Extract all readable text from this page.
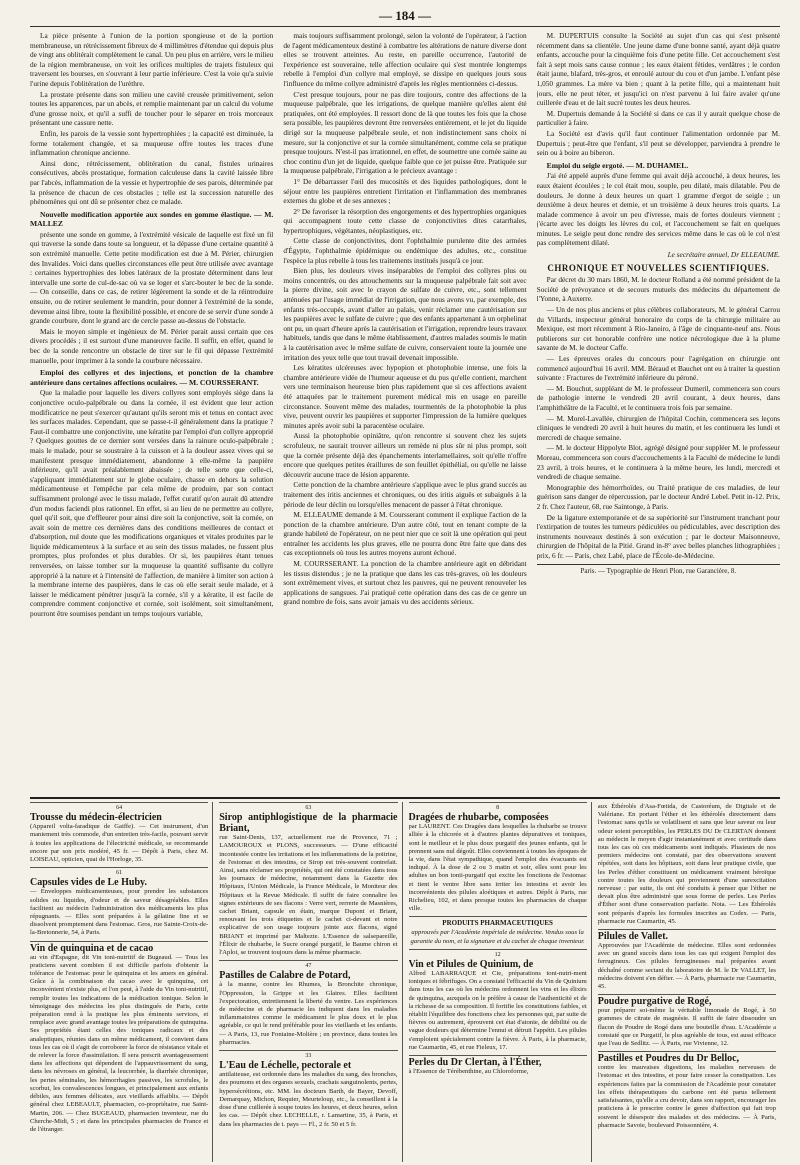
— 184 —

La pièce présente à l'union de la portion spongieuse et de la portion membraneuse, un rétrécissement fibreux de 4 millimètres d'étendue qui depuis plus de vingt ans oblitérait complètement le canal. Un peu plus en arrière, vers le milieu de la région membraneuse, on voit les orifices multiples de trajets fistuleux qui traversent les bourses, en s'ouvrant à leur partie inférieure. C'est la voie qu'a suivie l'urine depuis l'oblitération de l'urèthre.

La prostate présente dans son milieu une cavité creusée primitivement, selon toutes les apparences, par un abcès, et remplie maintenant par un calcul du volume d'une grosse noix, et qu'il a suffi de toucher pour le séparer en trois morceaux présentant une cassure nette.

Enfin, les parois de la vessie sont hypertrophiées ; la capacité est diminuée, la forme totalement changée, et sa muqueuse offre toutes les traces d'une inflammation chronique ancienne.

Ainsi donc, rétrécissement, oblitération du canal, fistules urinaires consécutives, abcès prostatique, formation calculeuse dans la cavité laissée libre par l'abcès, inflammation de la vessie et hypertrophie de ses parois, déterminée par la présence de chacun de ces obstacles ; telle est la succession naturelle des phénomènes qui ont dû se présenter chez ce malade.

Nouvelle modification apportée aux sondes en gomme élastique. — M. MALLEZ

présente une sonde en gomme, à l'extrémité vésicale de laquelle est fixé un fil qui traverse la sonde dans toute sa longueur, et la dépasse d'une certaine quantité à son extrémité manuelle. Cette petite modification est due à M. Périer, chirurgien des Invalides. Voici dans quelles circonstances elle peut être utilisée avec avantage : certaines hypertrophies des lobes latéraux de la prostate déterminent dans leur intervalle une sorte de cul-de-sac où va se loger et s'arc-bouter le bec de la sonde. — On conseille, dans ce cas, de retirer légèrement la sonde et de la réintroduire ensuite, ou de retirer seulement le mandrin, pour donner à l'extrémité de la sonde, devenue ainsi libre, toute la flexibilité possible, et encore de se servir d'une sonde à grande courbure, dont le grand arc de cercle passe au-dessus de l'obstacle.

Mais le moyen simple et ingénieux de M. Périer parait aussi certain que ces divers procédés ; il est surtout d'une manœuvre facile. Il suffit, en effet, quand le bec de la sonde rencontre un obstacle de tirer sur le fil qui dépasse l'extrémité manuelle, pour imprimer à la sonde la courbure nécessaire.

Emploi des collyres et des injections, et ponction de la chambre antérieure dans certaines affections oculaires. — M. COURSSERANT.

Que la maladie pour laquelle les divers collyres sont employés siège dans la conjonctive oculo-palpébrale ou dans la cornée, il est évident que leur action modificatrice ne peut s'exercer qu'autant qu'ils seront mis et tenus en contact avec les surfaces malades. Cependant, que se passe-t-il généralement dans la pratique ? Faut-il combattre une conjonctivite, une kératite par l'emploi d'un collyre approprié ? Quelques gouttes de ce dernier sont versées dans la rainure oculo-palpébrale ; mais le malade, pour se soustraire à la cuisson et à la douleur assez vives qui se manifestent presque immédiatement, abandonne à elle-même la paupière inférieure, qu'il avait préalablement abaissée ; de telle sorte que celle-ci, s'appliquant immédiatement sur le globe oculaire, chasse en dehors la solution médicamenteuse et l'empêche par cela même de produire, par son contact suffisamment prolongé avec le tissu malade, l'effet curatif qu'on aurait dû attendre d'un modus faciendi plus rationnel. En effet, si au lieu de ne permettre au collyre, quel qu'il soit, que d'effleurer pour ainsi dire soit la conjonctive, soit la cornée, on avait soin de mettre ces dernières dans des conditions meilleures de contact et d'absorption, nul doute que les modifications organiques et vitales produites par le liquide médicamenteux à la surface et au sein des tissus malades, ne fussent plus promptes, plus profondes et plus durables. Or si, les paupières étant tenues renversées, on laisse tomber sur la muqueuse la quantité suffisante du collyre approprié à la nature et à l'intensité de l'affection, de manière à limiter son action à la membrane interne des paupières, dans le cas où elle serait seule malade, et à laisser le médicament pénétrer jusqu'à la cornée, s'il y a kératite, il est facile de comprendre comment conjonctive et cornée, soit isolément, soit simultanément, pourront être soumises pendant un temps toujours variable,

mais toujours suffisamment prolongé, selon la volonté de l'opérateur, à l'action de l'agent médicamenteux destiné à combattre les altérations de nature diverse dont elles se trouvent atteintes. Au reste, en pareille occurrence, l'autorité de l'expérience est souveraine, telle affection oculaire qui s'est montrée longtemps rebelle à l'emploi d'un collyre mal employé, se dissipe en quelques jours sous l'influence du même collyre administré d'après les règles mentionnées ci-dessus.

C'est presque toujours, pour ne pas dire toujours, contre des affections de la muqueuse palpébrale, que les irrigations, de quelque manière qu'elles aient été pratiquées, ont été employées. Il ressort donc de là que toutes les fois que la chose sera possible, les paupières devront être renversées entièrement, et le jet du liquide dirigé sur la muqueuse palpébrale seule, et non indistinctement sans choix ni mesure, sur la conjonctive et sur la cornée simultanément, comme cela se pratique presque toujours. N'est-il pas irrationnel, en effet, de soumettre une cornée saine au choc continu d'un jet de liquide, quelque faible que ce jet puisse être. Pratiquée sur la muqueuse palpébrale, l'irrigation a le précieux avantage :

1° De débarrasser l'œil des mucosités et des liquides pathologiques, dont le séjour entre les paupières entretient l'irritation et l'inflammation des membranes externes du globe et de ses annexes ;

2° De favoriser la résorption des engorgements et des hypertrophies organiques qui accompagnent toute cette classe de conjonctivites dites catarrhales, hypertrophiques, végétantes, néoplastiques, etc.

Cette classe de conjonctivites, dont l'ophthalmie purulente dite des armées d'Égypte, l'ophthalmie épidémique ou endémique des adultes, etc., constitue l'espèce la plus rebelle à tous les traitements institués jusqu'à ce jour.

Bien plus, les douleurs vives inséparables de l'emploi des collyres plus ou moins concentrés, ou des attouchements sur la muqueuse palpébrale fait soit avec la pierre divine, soit avec le crayon de sulfate de cuivre, etc., sont tellement atténuées par l'usage immédiat de l'irrigation, que nous avons vu, par exemple, des enfants très-occupés, avant d'aller au palais, venir réclamer une cautérisation sur les paupières avec le sulfate de cuivre ; que des enfants appartenant à un orphelinat ont pu, un quart d'heure après la cautérisation et l'irrigation, reprendre leurs travaux habituels, tandis que dans le même établissement, d'autres malades soumis le matin à la cautérisation avec le même sulfate de cuivre, conservaient toute la journée une irritation des yeux telle que tout travail devenait impossible.

Les kératites ulcéreuses avec hypopion et photophobie intense, une fois la chambre antérieure vidée de l'humeur aqueuse et du pus qu'elle contient, marchent vers une terminaison heureuse bien plus rapidement que si ces affections avaient été attaquées par le traitement purement médical mis en usage en pareille circonstance. Souvent même des malades, tourmentés de la photophobie la plus vive, peuvent ouvrir les paupières et supporter l'impression de la lumière quelques minutes après avoir subi la paracentèse oculaire.

Aussi la photophobie opiniâtre, qu'on rencontre si souvent chez les sujets scrofuleux, ne saurait trouver ailleurs un remède ni plus sûr ni plus prompt, soit que la cornée présente déjà des épanchements interlamellaires, soit qu'elle n'offre encore que quelques petites éraillures de son feuillet épithélial, ou qu'elle ne laisse découvrir aucune trace de lésion apparente.

Cette ponction de la chambre antérieure s'applique avec le plus grand succès au traitement des iritis anciennes et chroniques, ou des iritis aiguës et subaiguës à la période de leur déclin ou lorsqu'elles menacent de passer à l'état chronique.

M. ELLEAUME demande à M. Coursserant comment il explique l'action de la ponction de la chambre antérieure. D'un autre côté, tout en tenant compte de la grande habileté de l'opérateur, on ne peut nier que ce soit là une opération qui peut entraîner les accidents les plus graves, elle ne pourra donc être faite que dans des cas exceptionnels où tous les autres moyens auront échoué.

M. COURSSERANT. La ponction de la chambre antérieure agit en débridant les tissus distendus ; je ne la pratique que dans les cas très-graves, où les douleurs sont extrêmement vives, et surtout chez les pauvres, qui ne peuvent renouveler les applications de sangsues. J'ai pratiqué cette opération dans des cas de ce genre un grand nombre de fois, sans avoir jamais vu des accidents sérieux.

M. DUPERTUIS consulte la Société au sujet d'un cas qui s'est présenté récemment dans sa clientèle. Une jeune dame d'une bonne santé, ayant déjà quatre enfants, accouche pour la cinquième fois d'une petite fille. Cet accouchement s'est fait à sept mois sans cause connue ; les eaux étaient fétides, verdâtres ; le cordon était jaune, blafard, très-gros, et enroulé autour du cou et d'un jambe. L'enfant pèse 1,050 grammes. La mère va bien ; quant à la petite fille, qui a maintenant huit jours, elle ne peut téter, et jusqu'ici on n'est parvenu à lui faire avaler qu'une cuillerée d'eau et de lait sucré toutes les deux heures.

M. Dupertuis demande à la Société si dans ce cas il y aurait quelque chose de particulier à faire.

La Société est d'avis qu'il faut continuer l'alimentation ordonnée par M. Dupertuis ; peut-être que l'enfant, s'il peut se développer, parviendra à prendre le sein ou à boire au biberon.

Emploi du seigle ergoté. — M. DUHAMEL.

J'ai été appelé auprès d'une femme qui avait déjà accouché, à deux heures, les eaux étaient écoulées ; le col était mou, souple, peu dilaté, mais dilatable. Peu de douleurs. Je donne à deux heures un quart 1 gramme d'ergot de seigle ; un deuxième à deux heures et demie, et un troisième à deux heures trois quarts. La malade commence à avoir un peu d'ivresse, mais de fortes douleurs viennent ; j'écarte avec les doigts les lèvres du col, et l'accouchement se fait en quelques minutes. Le seigle peut donc rendre des services même dans le cas où le col n'est pas complètement dilaté.

Le secrétaire annuel, Dr ELLEAUME.
CHRONIQUE ET NOUVELLES SCIENTIFIQUES.

Par décret du 30 mars 1860, M. le docteur Rolland a été nommé président de la Société de prévoyance et de secours mutuels des médecins du département de l'Yonne, à Auxerre.

— Un de nos plus anciens et plus célèbres collaborateurs, M. le général Carrou du Villards, inspecteur général honoraire du corps de la chirurgie militaire au Mexique, est mort récemment à Rio-Janeiro, à l'âge de cinquante-neuf ans. Nous publierons sur cet honorable confrère une notice nécrologique due à la plume savante de M. le docteur Caffe.

— Les épreuves orales du concours pour l'agrégation en chirurgie ont commencé aujourd'hui 16 avril. MM. Béraud et Bauchet ont eu à traiter la question suivante : Fractures de l'extrémité inférieure du péroné.

— M. Bouchut, suppléant de M. le professeur Dumeril, commencera son cours de pathologie interne le vendredi 20 avril courant, à deux heures, dans l'amphithéâtre de la Faculté, et le continuera trois fois par semaine.

— M. Morel-Lavallée, chirurgien de l'hôpital Cochin, commencera ses leçons cliniques le vendredi 20 avril à huit heures du matin, et les continuera les lundi et mercredi de chaque semaine.

— M. le docteur Hippolyte Blot, agrégé désigné pour suppléer M. le professeur Moreau, commencera son cours d'accouchements à la Faculté de médecine le lundi 23 avril, à trois heures, et le continuera à la même heure, les lundi, mercredi et vendredi de chaque semaine.

Monographie des hémorrhoïdes, ou Traité pratique de ces maladies, de leur guérison sans danger de répercussion, par le docteur André Lebel. Petit in-12. Prix, 2 fr. Chez l'auteur, 68, rue Saintonge, à Paris.

De la ligature extemporanée et de sa supériorité sur l'instrument tranchant pour l'extirpation de toutes les tumeurs pédiculées ou pédiculables, avec description des instruments nouveaux destinés à son exécution ; par le docteur Maisonneuve, chirurgien de l'hôpital de la Pitié. Grand in-8° avec belles planches lithographiées ; prix, 6 fr. — Paris, chez Labé, place de l'École-de-Médecine.

Paris. — Typographie de Henri Plon, rue Garancière, 8.
64
Trousse du médecin-électricien

(Appareil volta-faradique de Gaiffe). — Cet instrument, d'un maniement très commode, d'un entretien très-facile, pouvant servir à toutes les applications de l'électricité médicale, se recommande encore par son prix modéré, 45 fr. — Dépôt à Paris, chez M. LOISEAU, opticien, quai de l'Horloge, 35.

61
Capsules vides de Le Huby.

— Enveloppes médicamenteuses, pour prendre les substances solides ou liquides, d'odeur et de saveur désagréables. Elles facilitent au médecin l'administration des médicaments les plus répugnants. — Elles sont préparées à la gélatine fine et se dissolvent promptement dans l'estomac. Gros, rue Sainte-Croix-de-la-Bretonnerie, 54, à Paris.

Vin de quinquina et de cacao

au vin d'Espagne, dit Vin toni-nutritif de Bugeaud. — Tous les praticiens savent combien il est difficile parfois d'obtenir la tolérance de l'estomac pour le quinquina et les amers en général. Grâce à la combinaison du cacao avec le quinquina, cet inconvénient n'existe plus, et l'on peut, à l'aide du Vin toni-nutritif, remplir toutes les indications de la médication tonique. Selon le témoignage des médecins les plus distingués de Paris, cette préparation rend à la pratique les plus éminents services, et remplace avec grand avantage toutes les préparations de quinquina. Ses propriétés étant celles des toniques radicaux et des analeptiques, réunies dans un même médicament, il convient dans tous les cas où il s'agit de corroborer la force de résistance vitale et de relever la force d'assimilation. Il sera prescrit avantageusement dans les affections qui dépendent de l'appauvrissement du sang, dans les névroses en général, la leucorrhée, la diarrhée chronique, les pertes séminales, les hémorrhagies passives, les scrofules, le scorbut, les convalescences longues, et principalement aux enfants débiles, aux femmes délicates, aux vieillards affaiblis. — Dépôt général chez LEBEAULT, pharmacien, co-propriétaire, rue Saint-Martin, 206. — Chez BUGEAUD, pharmacien inventeur, rue du Cherche-Midi, 5 ; et dans les principales pharmacies de France et de l'étranger.

63
Sirop antiphlogistique de la pharmacie Briant,

rue Saint-Denis, 137, actuellement rue de Provence, 71 ; LAMOUROUX et PLONS, successeurs. — D'une efficacité incontestée contre les irritations et les inflammations de la poitrine, de l'estomac et des intestins, ce Sirop est très-souvent contrefait. Ainsi, sans réclamer ses propriétés, qui ont été constatées dans tous les journaux de médecine, notamment dans la Gazette des Hôpitaux, l'Union Médicale, la France Médicale, le Moniteur des Hôpitaux et la Revue Médicale. Il suffit de faire connaître les signes extérieurs de ses flacons : Verre vert, rerrerie de Masnières, cachet Briant, capsule en étain, marque Dupont et Briant, renouvant les trois étiquettes et le cachet ci-devant et notre explicative de son usage toujours jointe aux flacons, signé BRIANT et imprimé par Maltezte. L'Essence de salsepareille, l'Élixir de rhubarbe, le Sucre orangé purgatif, le Baume chiron et l'Aploi, se trouvent toujours dans la même pharmacie.

47
Pastilles de Calabre de Potard,

à la manne, contre les Rhumes, la Bronchite chronique, l'Oppression, la Grippe et les Glaires. Elles facilitent l'expectoration, entretiennent la liberté du ventre. Les expériences de médecine et de pharmacie les indiquent dans les maladies inflammatoires comme le médicament le plus doux et le plus agréable, ce qui le rend préférable pour les vieillards et les enfants. — A Paris, 13, rue Fontaine-Molière ; en province, dans toutes les pharmacies.

33
L'Eau de Léchelle, pectorale et

antilaiteuse, est ordonnée dans les maladies du sang, des bronches, des poumons et des organes sexuels, crachats sanguinolents, pertes, hypersécrétions, etc. MM. les docteurs Barth, de Bayer, Devoff, Demarquay, Michon, Requier, Meurteloup, etc., la conseillent à la dose d'une cuillerée à soupe toutes les heures, et deux heures, selon les cas. — Dépôt chez LECHELLE, r. Lamartine, 35, à Paris, et dans les pharmacies de t. pays — Fl., 2 fr. 50 et 5 fr.

8
Dragées de rhubarbe, composées

par LAURENT. Ces Dragées dans lesquelles la rhubarbe se trouve alliée à la chicorée et à d'autres plantes dépuratives et toniques, sont le meilleur et le plus doux purgatif des jeunes enfants, qui le prennent sans nul dégoût. Elles conviennent à toutes les époques de la vie, dans l'état sympathique, quand l'emploi des évacuants est indiqué. À la dose de 2 ou 3 matin et soir, elles sont pour les adultes un bon tonii-purgatif qui excite les fonctions de l'estomac et tient le ventre libre sans irriter les intestins et avoir les inconvénients des pilules aloétiques et autres. Dépôt à Paris, rue Richelieu, 102, et dans presque toutes les pharmacies de chaque ville.

PRODUITS PHARMACEUTIQUES

approuvés par l'Académie impériale de médecine. Vendus sous la garantie du nom, et la signature et du cachet de chaque inventeur.

12
Vin et Pilules de Quinium, de

Alfred LABARRAQUE et Cie, préparations toni-nutri-ment toniques et fébrifuges. On a constaté l'efficacité du Vin de Quinium dans tous les cas où les médecins ordonnent les vins et les élixirs de quinquina, auxquels on le préfère à cause de l'authenticité et de la richesse de sa composition. Il fortifie les constitutions faibles, et rétablit l'équilibre des fonctions chez les personnes qui, par suite de fièvres ou autrement, éprouvent cet état d'atonie, de débilité ou de vague douleurs qui détermine l'ennui et détruit l'appétit. Les pilules s'emploient spécialement contre la fièvre. À Paris, à la pharmacie, rue Caumartin, 45, et rue Fieleux, 17.

Perles du Dr Clertan, à l'Éther,

à l'Essence de Térébenthine, au Chloroforme,

aux Éthérolés d'Asa-Fœtida, de Castoréum, de Digitale et de Valériane. En portant l'éther et les éthérolés directement dans l'estomac sans qu'ils se volatilisent et sans que leur saveur ou leur odeur soient perceptibles, les PERLES DU Dr CLERTAN donnent au médecin le moyen d'agir instantanément et avec certitude dans tous les cas où ces médicaments sont indiqués. Plusieurs de nos premiers médecins ont constaté, par des observations souvent répétées, soit dans les hôpitaux, soit dans leur pratique civile, que les Perles d'éther constituent un médicament vraiment héroïque contre toutes les douleurs qui proviennent d'une surexcitation nerveuse : par suite, ils ont été conduits à penser que l'éther ne devait plus être administré que sous forme de perles. Les Perles d'Éther sont d'une conservation parfaite. Nota. — Les Éthérolés sont préparés d'après les formules inscrites au Codex. — Paris, pharmacie rue Caumartin, 45.

Pilules de Vallet.

Approuvées par l'Académie de médecine. Elles sont ordonnées avec un grand succès dans tous les cas qui exigent l'emploi des ferrugineux. Ces pilules ferrugineuses mal préparées avant déchaîné comme sectant du laboratoire de M. le Dr VALLET, les médecins doivent s'en défier. — À Paris, pharmacie rue Caumartin, 45.

Poudre purgative de Rogé,

pour préparer soi-même la véritable limonade de Rogé, à 50 grammes de citrate de magnésie. Il suffit de faire dissoudre un flacon de Poudre de Rogé dans une bouteille d'eau. L'Académie a constaté que ce Purgatif, le plus agréable de tous, est aussi efficace que l'eau de Sedlitz. — À Paris, rue Vivienne, 12.

Pastilles et Poudres du Dr Belloc,

contre les mauvaises digestions, les maladies nerveuses de l'estomac et des intestins, et pour faire cesser la constipation. Les expériences faites par la commission de l'Académie pour constater les effets thérapeutiques du carbone ont été parus tellement satisfaisantes, qu'elle a cru devoir, dans son rapport, encourager les praticiens à le prescrire contre le genre d'affection qui fait trop souvent le désespoir des malades et des médecins. — À Paris, pharmacie Savoie, boulevard Poissonnière, 4.
